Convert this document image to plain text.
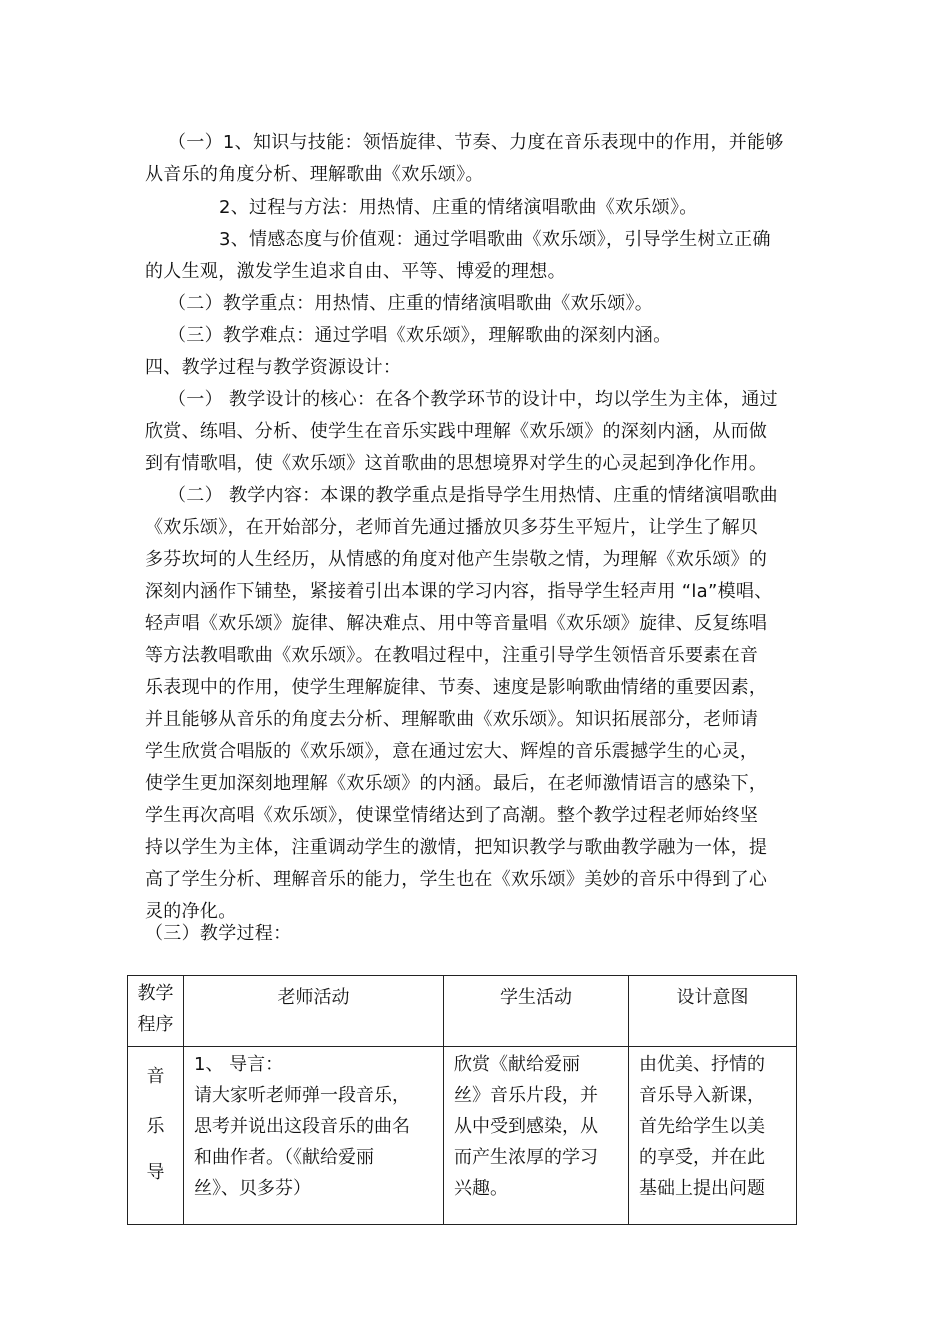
（一）1、知识与技能：领悟旋律、节奏、力度在音乐表现中的作用，并能够
从音乐的角度分析、理解歌曲《欢乐颂》。
2、过程与方法：用热情、庄重的情绪演唱歌曲《欢乐颂》。
3、情感态度与价值观：通过学唱歌曲《欢乐颂》，引导学生树立正确
的人生观，激发学生追求自由、平等、博爱的理想。
（二）教学重点：用热情、庄重的情绪演唱歌曲《欢乐颂》。
（三）教学难点：通过学唱《欢乐颂》，理解歌曲的深刻内涵。
四、教学过程与教学资源设计：
（一） 教学设计的核心：在各个教学环节的设计中，均以学生为主体，通过
欣赏、练唱、分析、使学生在音乐实践中理解《欢乐颂》的深刻内涵，从而做
到有情歌唱，使《欢乐颂》这首歌曲的思想境界对学生的心灵起到净化作用。
（二） 教学内容：本课的教学重点是指导学生用热情、庄重的情绪演唱歌曲
《欢乐颂》，在开始部分，老师首先通过播放贝多芬生平短片，让学生了解贝
多芬坎坷的人生经历，从情感的角度对他产生崇敬之情，为理解《欢乐颂》的
深刻内涵作下铺垫，紧接着引出本课的学习内容，指导学生轻声用 “la”模唱、
轻声唱《欢乐颂》旋律、解决难点、用中等音量唱《欢乐颂》旋律、反复练唱
等方法教唱歌曲《欢乐颂》。在教唱过程中，注重引导学生领悟音乐要素在音
乐表现中的作用，使学生理解旋律、节奏、速度是影响歌曲情绪的重要因素，
并且能够从音乐的角度去分析、理解歌曲《欢乐颂》。知识拓展部分，老师请
学生欣赏合唱版的《欢乐颂》，意在通过宏大、辉煌的音乐震撼学生的心灵，
使学生更加深刻地理解《欢乐颂》的内涵。最后，在老师激情语言的感染下，
学生再次高唱《欢乐颂》，使课堂情绪达到了高潮。整个教学过程老师始终坚
持以学生为主体，注重调动学生的激情，把知识教学与歌曲教学融为一体，提
高了学生分析、理解音乐的能力，学生也在《欢乐颂》美妙的音乐中得到了心
灵的净化。
（三）教学过程：
教学
程序	老师活动	学生活动	设计意图

音
乐
导	1、 导言：
请大家听老师弹一段音乐，
思考并说出这段音乐的曲名
和曲作者。（《献给爱丽
丝》、贝多芬）	欣赏《献给爱丽
丝》音乐片段，并
从中受到感染，从
而产生浓厚的学习
兴趣。	由优美、抒情的
音乐导入新课，
首先给学生以美
的享受，并在此
基础上提出问题
